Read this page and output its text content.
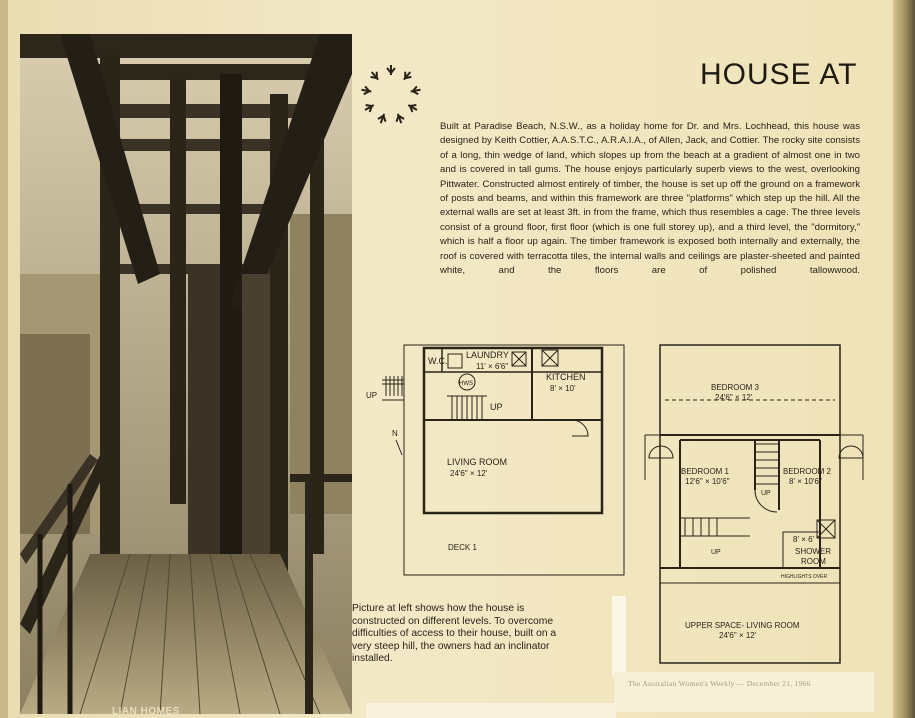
LIAN HOMES
HOUSE AT
Built at Paradise Beach, N.S.W., as a holiday home for Dr. and Mrs. Lochhead, this house was designed by Keith Cottier, A.A.S.T.C., A.R.A.I.A., of Allen, Jack, and Cottier. The rocky site consists of a long, thin wedge of land, which slopes up from the beach at a gradient of almost one in two and is covered in tall gums. The house enjoys particularly superb views to the west, overlooking Pittwater. Constructed almost entirely of timber, the house is set up off the ground on a framework of posts and beams, and within this framework are three "platforms" which step up the hill. All the external walls are set at least 3ft. in from the frame, which thus resembles a cage. The three levels consist of a ground floor, first floor (which is one full storey up), and a third level, the "dormitory," which is half a floor up again. The timber framework is exposed both internally and externally, the roof is covered with terracotta tiles, the internal walls and ceilings are plaster-sheeted and painted white, and the floors are of polished tallowwood.
W.C.
LAUNDRY
11' × 6'6"
HWS
KITCHEN
8' × 10'
UP
UP
LIVING ROOM
24'6" × 12'
DECK 1
N
BEDROOM 3
24'6" × 12'
BEDROOM 1
12'6" × 10'6"
BEDROOM 2
8' × 10'6"
UP
UP
8' × 6'
SHOWER
ROOM
HIGHLIGHTS OVER
UPPER SPACE- LIVING ROOM
24'6" × 12'
Picture at left shows how the house is constructed on different levels. To overcome difficulties of access to their house, built on a very steep hill, the owners had an inclinator installed.
The Australian Women's Weekly — December 21, 1966
